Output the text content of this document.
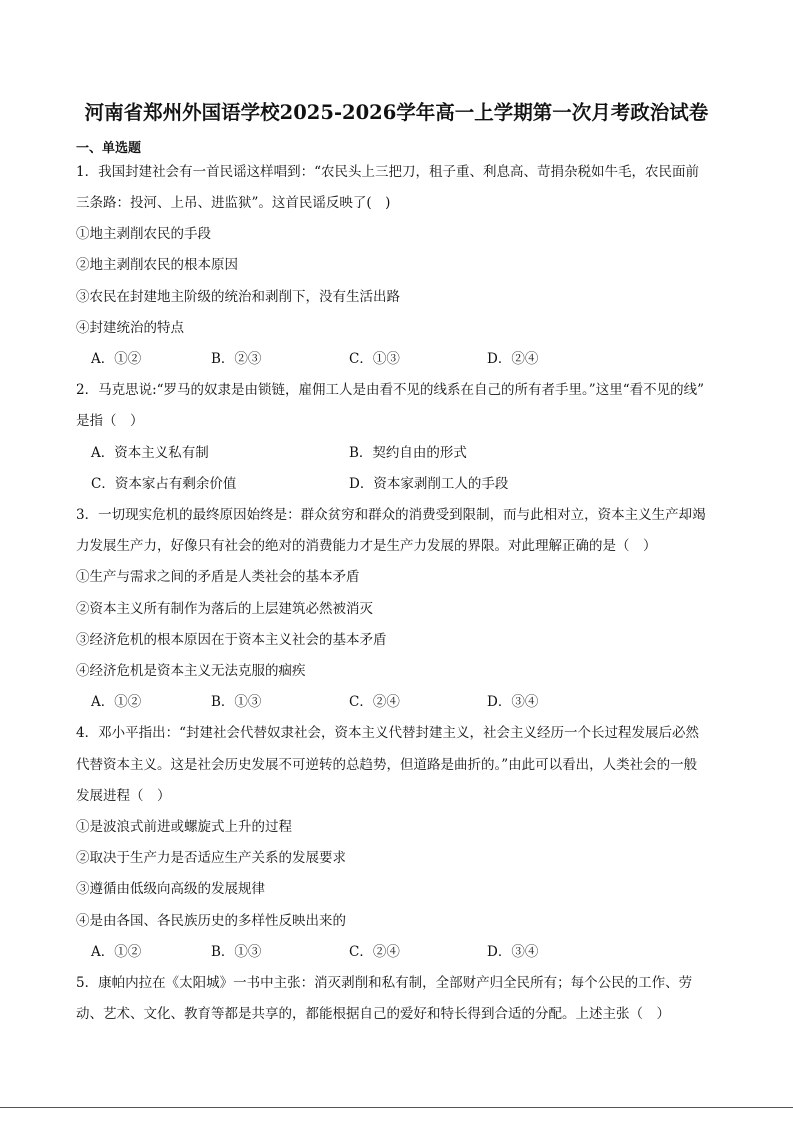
河南省郑州外国语学校2025-2026学年高一上学期第一次月考政治试卷
一、单选题
1．我国封建社会有一首民谣这样唱到：“农民头上三把刀，租子重、利息高、苛捐杂税如牛毛，农民面前
三条路：投河、上吊、进监狱”。这首民谣反映了(　)
①地主剥削农民的手段
②地主剥削农民的根本原因
③农民在封建地主阶级的统治和剥削下，没有生活出路
④封建统治的特点
A．①②	B．②③	C．①③	D．②④
2．马克思说:“罗马的奴隶是由锁链，雇佣工人是由看不见的线系在自己的所有者手里。”这里“看不见的线”
是指（　）
A．资本主义私有制	B．契约自由的形式
C．资本家占有剩余价值	D．资本家剥削工人的手段
3．一切现实危机的最终原因始终是：群众贫穷和群众的消费受到限制，而与此相对立，资本主义生产却竭
力发展生产力，好像只有社会的绝对的消费能力才是生产力发展的界限。对此理解正确的是（　）
①生产与需求之间的矛盾是人类社会的基本矛盾
②资本主义所有制作为落后的上层建筑必然被消灭
③经济危机的根本原因在于资本主义社会的基本矛盾
④经济危机是资本主义无法克服的痼疾
A．①②	B．①③	C．②④	D．③④
4．邓小平指出：“封建社会代替奴隶社会，资本主义代替封建主义，社会主义经历一个长过程发展后必然
代替资本主义。这是社会历史发展不可逆转的总趋势，但道路是曲折的。”由此可以看出，人类社会的一般
发展进程（　）
①是波浪式前进或螺旋式上升的过程
②取决于生产力是否适应生产关系的发展要求
③遵循由低级向高级的发展规律
④是由各国、各民族历史的多样性反映出来的
A．①②	B．①③	C．②④	D．③④
5．康帕内拉在《太阳城》一书中主张：消灭剥削和私有制，全部财产归全民所有；每个公民的工作、劳
动、艺术、文化、教育等都是共享的，都能根据自己的爱好和特长得到合适的分配。上述主张（　）
